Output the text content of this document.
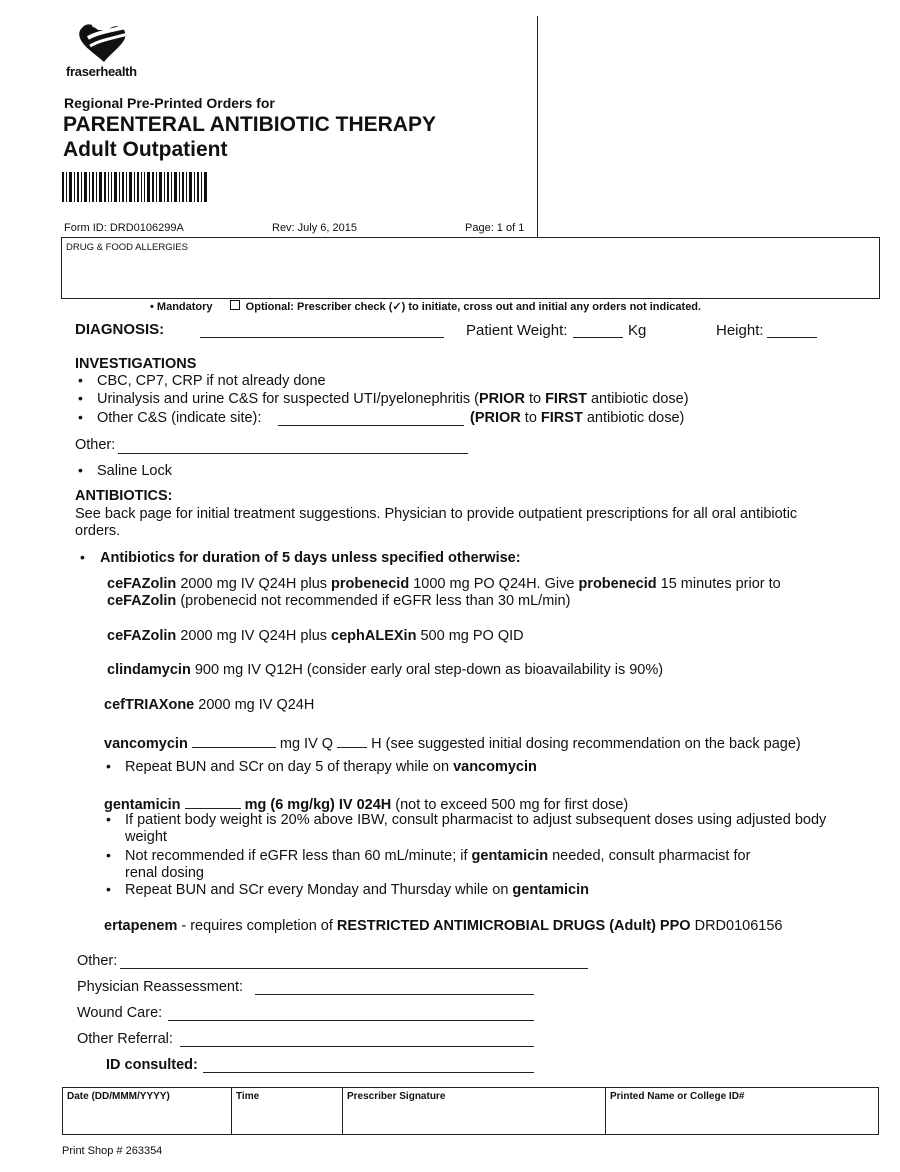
fraserhealth
Regional Pre-Printed Orders for
PARENTERAL ANTIBIOTIC THERAPY
Adult Outpatient
Form ID: DRD0106299A	Rev: July 6, 2015	Page: 1 of 1
DRUG & FOOD ALLERGIES
• Mandatory	Optional: Prescriber check (✓) to initiate, cross out and initial any orders not indicated.
DIAGNOSIS:	Patient Weight:	Kg	Height:
INVESTIGATIONS
• CBC, CP7, CRP if not already done
• Urinalysis and urine C&S for suspected UTI/pyelonephritis (PRIOR to FIRST antibiotic dose)
• Other C&S (indicate site):	(PRIOR to FIRST antibiotic dose)
Other:
• Saline Lock
ANTIBIOTICS:
See back page for initial treatment suggestions. Physician to provide outpatient prescriptions for all oral antibiotic orders.
• Antibiotics for duration of 5 days unless specified otherwise:
ceFAZolin 2000 mg IV Q24H plus probenecid 1000 mg PO Q24H. Give probenecid 15 minutes prior to
ceFAZolin (probenecid not recommended if eGFR less than 30 mL/min)
ceFAZolin 2000 mg IV Q24H plus cephALEXin 500 mg PO QID
clindamycin 900 mg IV Q12H (consider early oral step-down as bioavailability is 90%)
cefTRIAXone 2000 mg IV Q24H
vancomycin	mg IV Q	H (see suggested initial dosing recommendation on the back page)
• Repeat BUN and SCr on day 5 of therapy while on vancomycin
gentamicin	mg (6 mg/kg) IV 024H (not to exceed 500 mg for first dose)
• If patient body weight is 20% above IBW, consult pharmacist to adjust subsequent doses using adjusted body
weight
• Not recommended if eGFR less than 60 mL/minute; if gentamicin needed, consult pharmacist for
renal dosing
• Repeat BUN and SCr every Monday and Thursday while on gentamicin
ertapenem - requires completion of RESTRICTED ANTIMICROBIAL DRUGS (Adult) PPO DRD0106156
Other:
Physician Reassessment:
Wound Care:
Other Referral:
ID consulted:
Date (DD/MMM/YYYY)	Time	Prescriber Signature	Printed Name or College ID#
Print Shop # 263354
